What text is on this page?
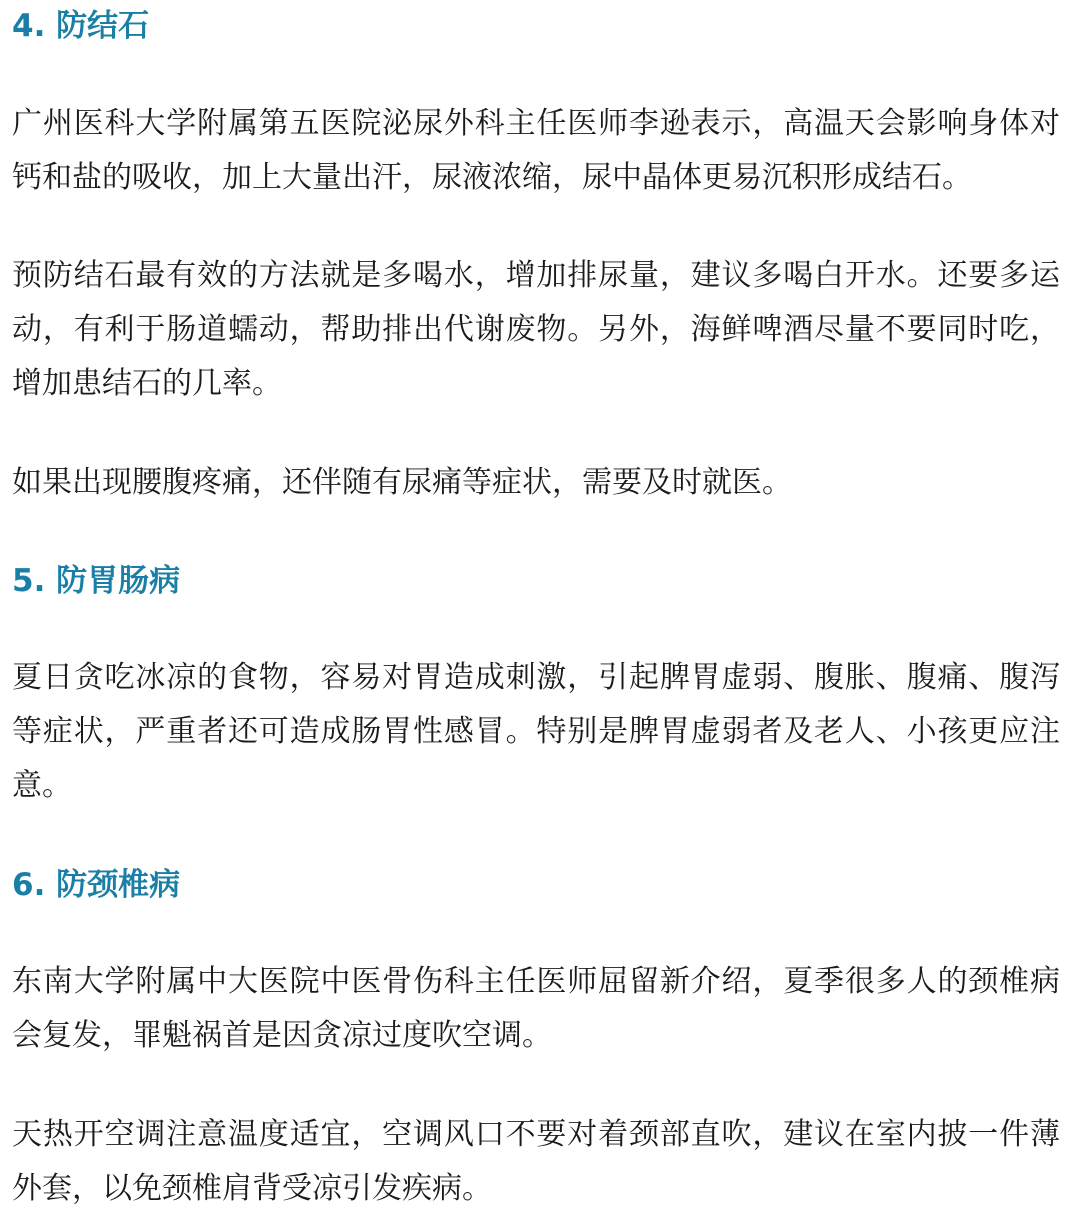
4. 防结石

广州医科大学附属第五医院泌尿外科主任医师李逊表示，高温天会影响身体对钙和盐的吸收，加上大量出汗，尿液浓缩，尿中晶体更易沉积形成结石。

预防结石最有效的方法就是多喝水，增加排尿量，建议多喝白开水。还要多运动，有利于肠道蠕动，帮助排出代谢废物。另外，海鲜啤酒尽量不要同时吃，增加患结石的几率。

如果出现腰腹疼痛，还伴随有尿痛等症状，需要及时就医。

5. 防胃肠病

夏日贪吃冰凉的食物，容易对胃造成刺激，引起脾胃虚弱、腹胀、腹痛、腹泻等症状，严重者还可造成肠胃性感冒。特别是脾胃虚弱者及老人、小孩更应注意。

6. 防颈椎病

东南大学附属中大医院中医骨伤科主任医师屈留新介绍，夏季很多人的颈椎病会复发，罪魁祸首是因贪凉过度吹空调。

天热开空调注意温度适宜，空调风口不要对着颈部直吹，建议在室内披一件薄外套，以免颈椎肩背受凉引发疾病。
